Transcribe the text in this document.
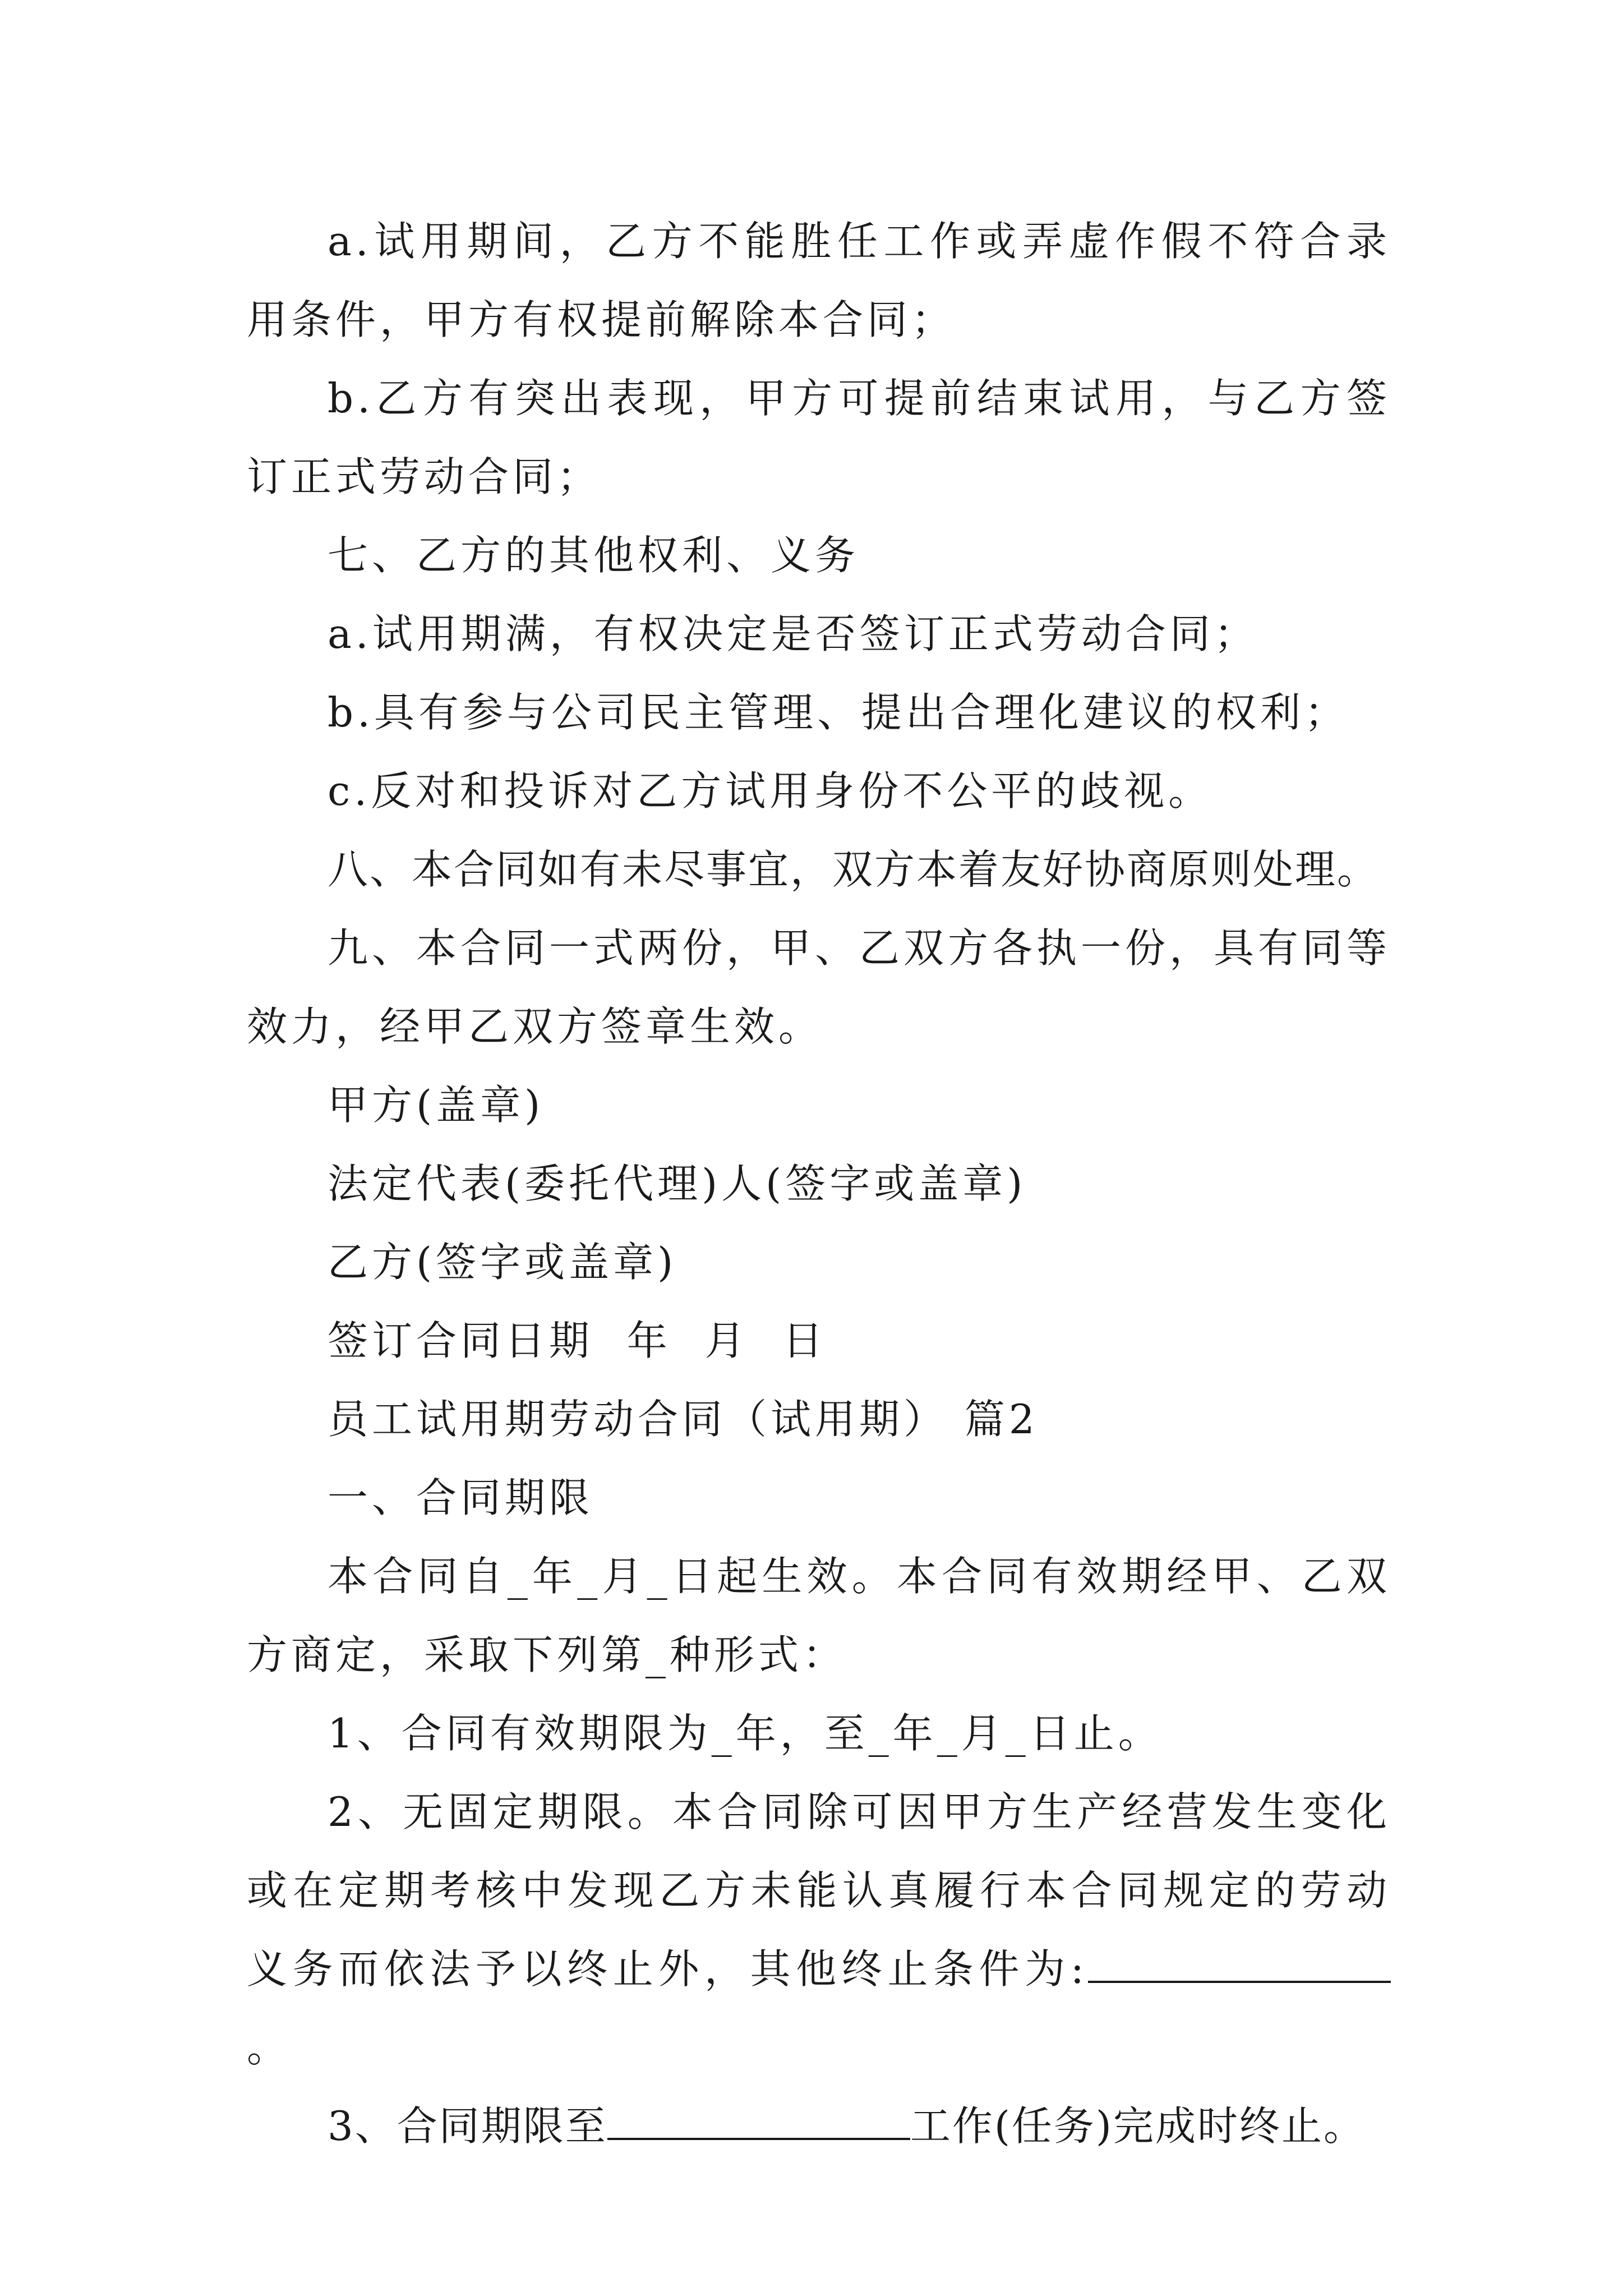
a.试用期间，乙方不能胜任工作或弄虚作假不符合录用条件，甲方有权提前解除本合同；

b.乙方有突出表现，甲方可提前结束试用，与乙方签订正式劳动合同；

七、乙方的其他权利、义务

a.试用期满，有权决定是否签订正式劳动合同；

b.具有参与公司民主管理、提出合理化建议的权利；

c.反对和投诉对乙方试用身份不公平的歧视。

八、本合同如有未尽事宜，双方本着友好协商原则处理。

九、本合同一式两份，甲、乙双方各执一份，具有同等效力，经甲乙双方签章生效。

甲方(盖章)

法定代表(委托代理)人(签字或盖章)

乙方(签字或盖章)

签订合同日期  年  月  日

员工试用期劳动合同（试用期） 篇2

一、合同期限

本合同自_年_月_日起生效。本合同有效期经甲、乙双方商定，采取下列第_种形式：

1、合同有效期限为_年，至_年_月_日止。

2、无固定期限。本合同除可因甲方生产经营发生变化或在定期考核中发现乙方未能认真履行本合同规定的劳动义务而依法予以终止外，其他终止条件为:。

3、合同期限至	工作(任务)完成时终止。
